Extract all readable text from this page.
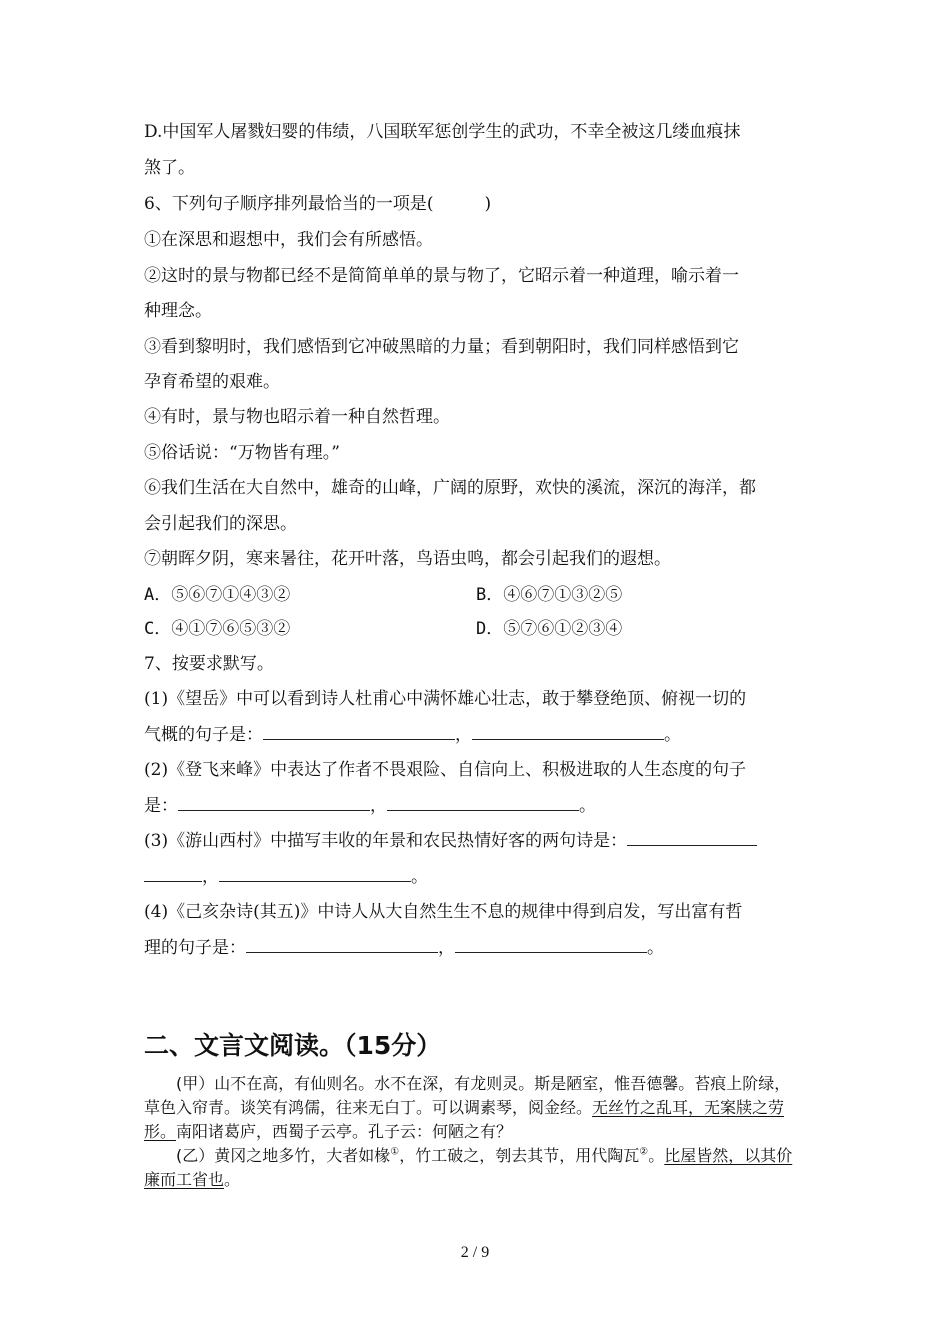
D.中国军人屠戮妇婴的伟绩，八国联军惩创学生的武功，不幸全被这几缕血痕抹
煞了。
6、下列句子顺序排列最恰当的一项是(　　　)
①在深思和遐想中，我们会有所感悟。
②这时的景与物都已经不是简简单单的景与物了，它昭示着一种道理，喻示着一
种理念。
③看到黎明时，我们感悟到它冲破黑暗的力量；看到朝阳时，我们同样感悟到它
孕育希望的艰难。
④有时，景与物也昭示着一种自然哲理。
⑤俗话说：“万物皆有理。”
⑥我们生活在大自然中，雄奇的山峰，广阔的原野，欢快的溪流，深沉的海洋，都
会引起我们的深思。
⑦朝晖夕阴，寒来暑往，花开叶落，鸟语虫鸣，都会引起我们的遐想。
A．⑤⑥⑦①④③②	B．④⑥⑦①③②⑤
C．④①⑦⑥⑤③②	D．⑤⑦⑥①②③④
7、按要求默写。
(1)《望岳》中可以看到诗人杜甫心中满怀雄心壮志，敢于攀登绝顶、俯视一切的
气概的句子是：	，	。
(2)《登飞来峰》中表达了作者不畏艰险、自信向上、积极进取的人生态度的句子
是：	，	。
(3)《游山西村》中描写丰收的年景和农民热情好客的两句诗是：
，	。
(4)《己亥杂诗(其五)》中诗人从大自然生生不息的规律中得到启发，写出富有哲
理的句子是：	，	。
二、文言文阅读。（15分）

(甲）山不在高，有仙则名。水不在深，有龙则灵。斯是陋室，惟吾德馨。苔痕上阶绿，草色入帘青。谈笑有鸿儒，往来无白丁。可以调素琴，阅金经。无丝竹之乱耳，无案牍之劳形。南阳诸葛庐，西蜀子云亭。孔子云：何陋之有？

(乙）黄冈之地多竹，大者如椽①，竹工破之，刳去其节，用代陶瓦②。比屋皆然，以其价廉而工省也。

2 / 9
